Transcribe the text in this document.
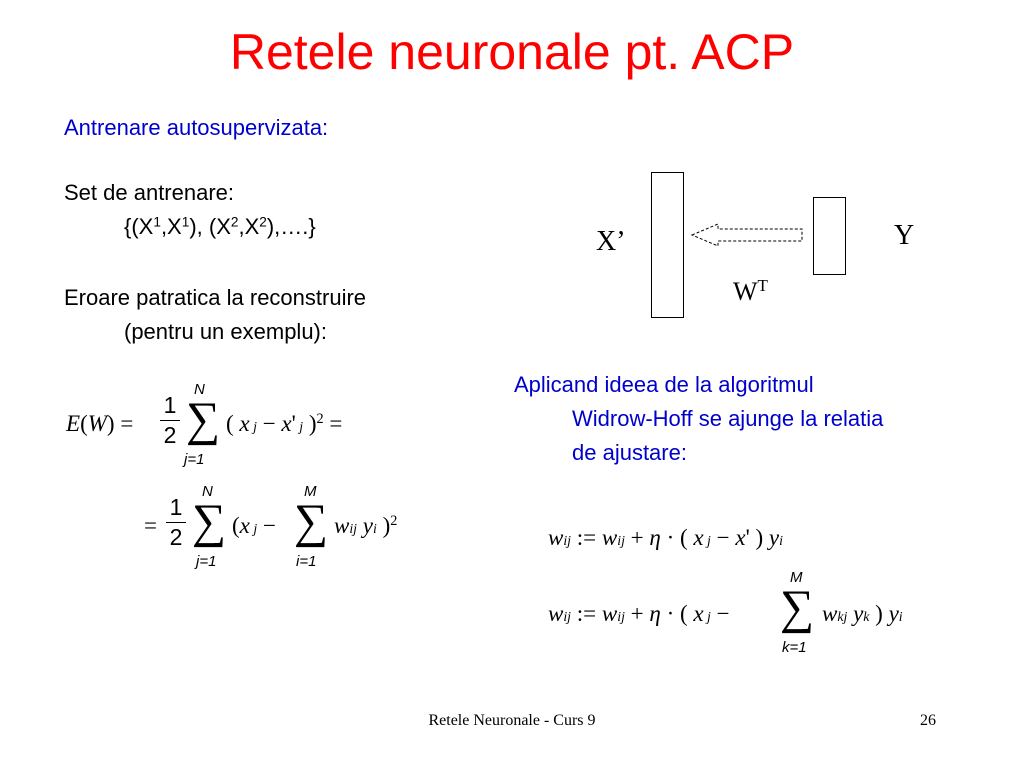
Retele neuronale pt. ACP
Antrenare autosupervizata:
Set de antrenare:
{$(X^1,X^1)$, $(X^2,X^2),\dots$.}
Eroare patratica la reconstruire
(pentru un exemplu):
X’	Y
$W^T$
Aplicand ideea de la algoritmul
Widrow-Hoff se ajunge la relatia
de ajustare:
E(W) =
1
2
N
∑
j=1
( x j − x' j )$^2$ =
=
1
2
N
∑
j=1
(x j −
M
∑
i=1
wij yi )$^2$
wij := wij + η · ( x j − x' ) yi
wij := wij + η · ( x j −
M
∑
k=1
wkj yk ) yi
Retele Neuronale - Curs 9	26
